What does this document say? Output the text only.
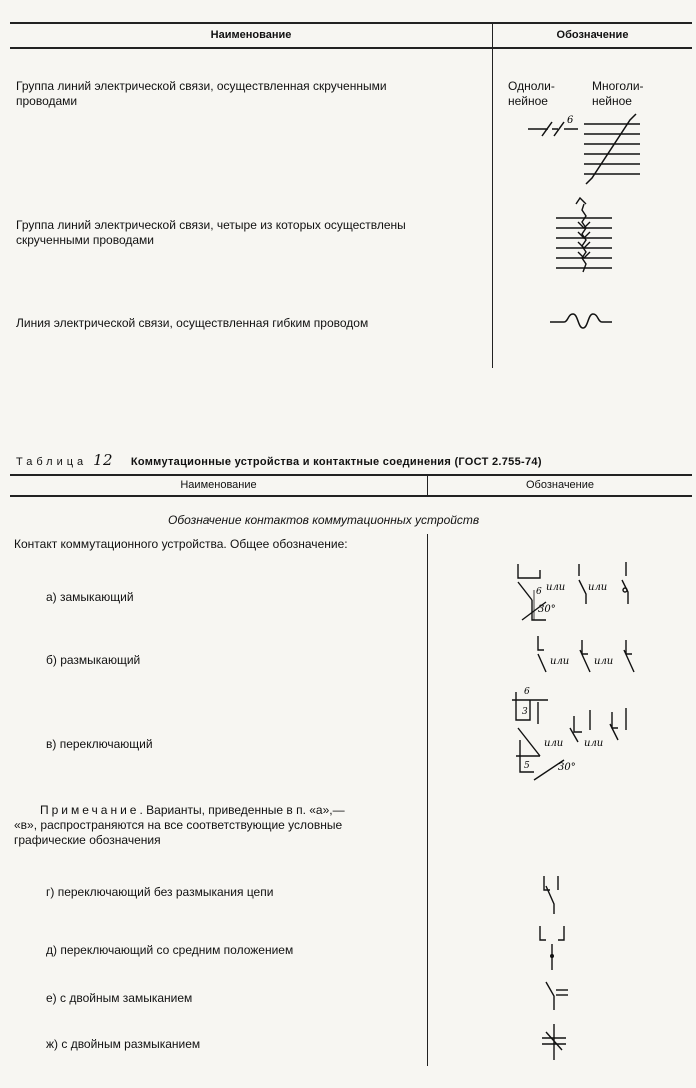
Наименование	Обозначение
Группа линий электрической связи, осуществленная скрученными
проводами
Одноли-
нейное
Многоли-
нейное
6
Группа линий электрической связи, четыре из которых осуществлены
скрученными проводами
Линия электрической связи, осуществленная гибким проводом
Таблица 12 Коммутационные устройства и контактные соединения (ГОСТ 2.755-74)
Наименование	Обозначение
Обозначение контактов коммутационных устройств
Контакт коммутационного устройства. Общее обозначение:
а) замыкающий
б) размыкающий
в) переключающий
Примечание. Варианты, приведенные в п. «а»,—
«в», распространяются на все соответствующие условные
графические обозначения
г) переключающий без размыкания цепи
д) переключающий со средним положением
е) с двойным замыканием
ж) с двойным размыканием
6 или или
30°
или или
6
3
5
или или
30°
